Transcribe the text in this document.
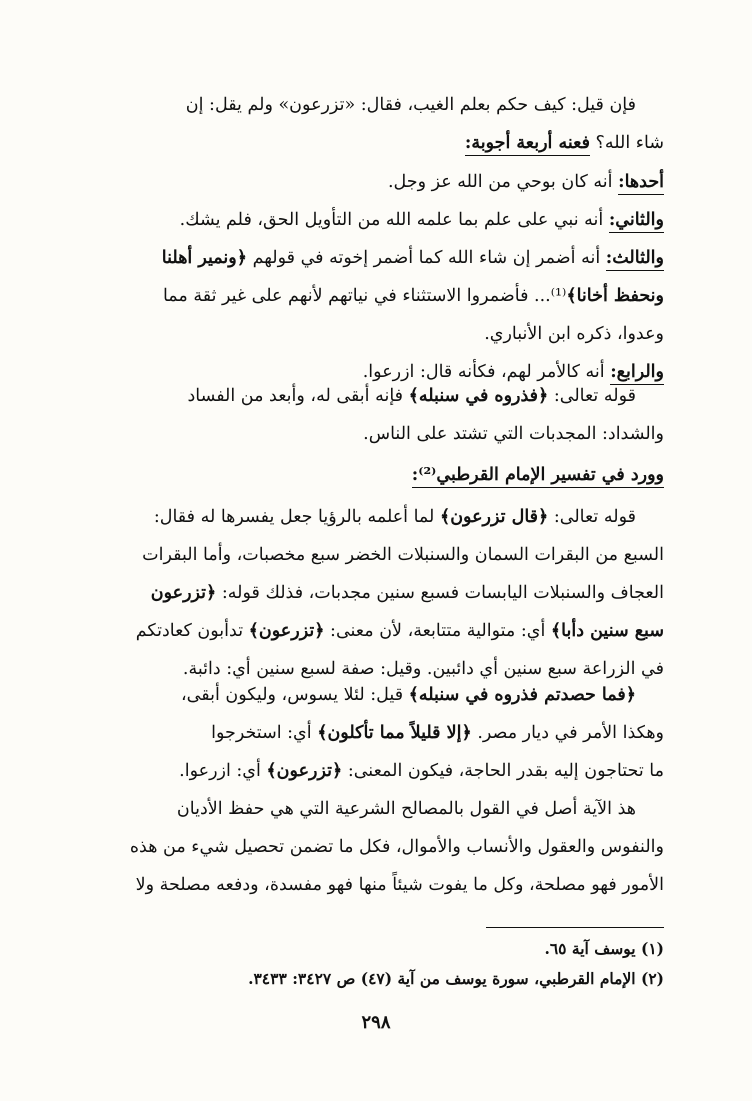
فإن قيل: كيف حكم بعلم الغيب، فقال: «تزرعون» ولم يقل: إن
شاء الله؟ فعنه أربعة أجوبة:
أحدها: أنه كان بوحي من الله عز وجل.
والثاني: أنه نبي على علم بما علمه الله من التأويل الحق، فلم يشك.
والثالث: أنه أضمر إن شاء الله كما أضمر إخوته في قولهم ﴿ونمير أهلنا
ونحفظ أخانا﴾⁽¹⁾... فأضمروا الاستثناء في نياتهم لأنهم على غير ثقة مما
وعدوا، ذكره ابن الأنباري.
والرابع: أنه كالأمر لهم، فكأنه قال: ازرعوا.
قوله تعالى: ﴿فذروه في سنبله﴾ فإنه أبقى له، وأبعد من الفساد
والشداد: المجدبات التي تشتد على الناس.
وورد في تفسير الإمام القرطبي⁽²⁾:
قوله تعالى: ﴿قال تزرعون﴾ لما أعلمه بالرؤيا جعل يفسرها له فقال:
السبع من البقرات السمان والسنبلات الخضر سبع مخصبات، وأما البقرات
العجاف والسنبلات اليابسات فسبع سنين مجدبات، فذلك قوله: ﴿تزرعون
سبع سنين دأبا﴾ أي: متوالية متتابعة، لأن معنى: ﴿تزرعون﴾ تدأبون كعادتكم
في الزراعة سبع سنين أي دائبين. وقيل: صفة لسبع سنين أي: دائبة.
﴿فما حصدتم فذروه في سنبله﴾ قيل: لئلا يسوس، وليكون أبقى،
وهكذا الأمر في ديار مصر. ﴿إلا قليلاً مما تأكلون﴾ أي: استخرجوا
ما تحتاجون إليه بقدر الحاجة، فيكون المعنى: ﴿تزرعون﴾ أي: ازرعوا.
هذ الآية أصل في القول بالمصالح الشرعية التي هي حفظ الأديان
والنفوس والعقول والأنساب والأموال، فكل ما تضمن تحصيل شيء من هذه
الأمور فهو مصلحة، وكل ما يفوت شيئاً منها فهو مفسدة، ودفعه مصلحة ولا
(١) يوسف آية ٦٥.
(٢) الإمام القرطبي، سورة يوسف من آية (٤٧) ص ٣٤٢٧: ٣٤٣٣.
٢٩٨
